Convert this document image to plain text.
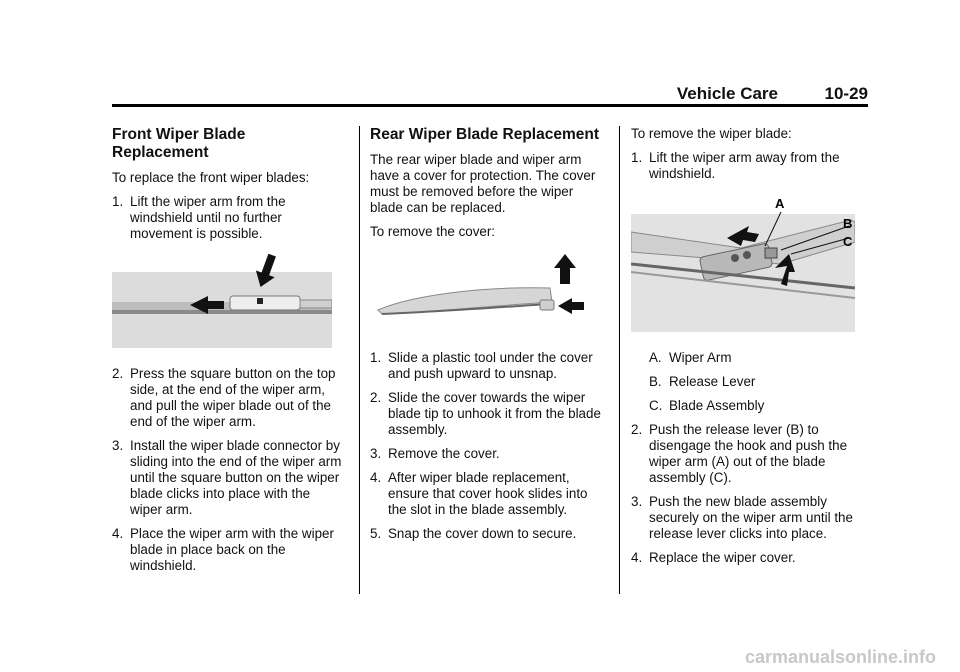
Vehicle Care	10-29
Front Wiper Blade Replacement

To replace the front wiper blades:

1. Lift the wiper arm from the windshield until no further movement is possible.
2. Press the square button on the top side, at the end of the wiper arm, and pull the wiper blade out of the end of the wiper arm.
3. Install the wiper blade connector by sliding into the end of the wiper arm until the square button on the wiper blade clicks into place with the wiper arm.
4. Place the wiper arm with the wiper blade in place back on the windshield.
Rear Wiper Blade Replacement

The rear wiper blade and wiper arm have a cover for protection. The cover must be removed before the wiper blade can be replaced.

To remove the cover:

1. Slide a plastic tool under the cover and push upward to unsnap.
2. Slide the cover towards the wiper blade tip to unhook it from the blade assembly.
3. Remove the cover.
4. After wiper blade replacement, ensure that cover hook slides into the slot in the blade assembly.
5. Snap the cover down to secure.

To remove the wiper blade:

1. Lift the wiper arm away from the windshield.
A
B
C
A. Wiper Arm
B. Release Lever
C. Blade Assembly
2. Push the release lever (B) to disengage the hook and push the wiper arm (A) out of the blade assembly (C).
3. Push the new blade assembly securely on the wiper arm until the release lever clicks into place.
4. Replace the wiper cover.
carmanualsonline.info
